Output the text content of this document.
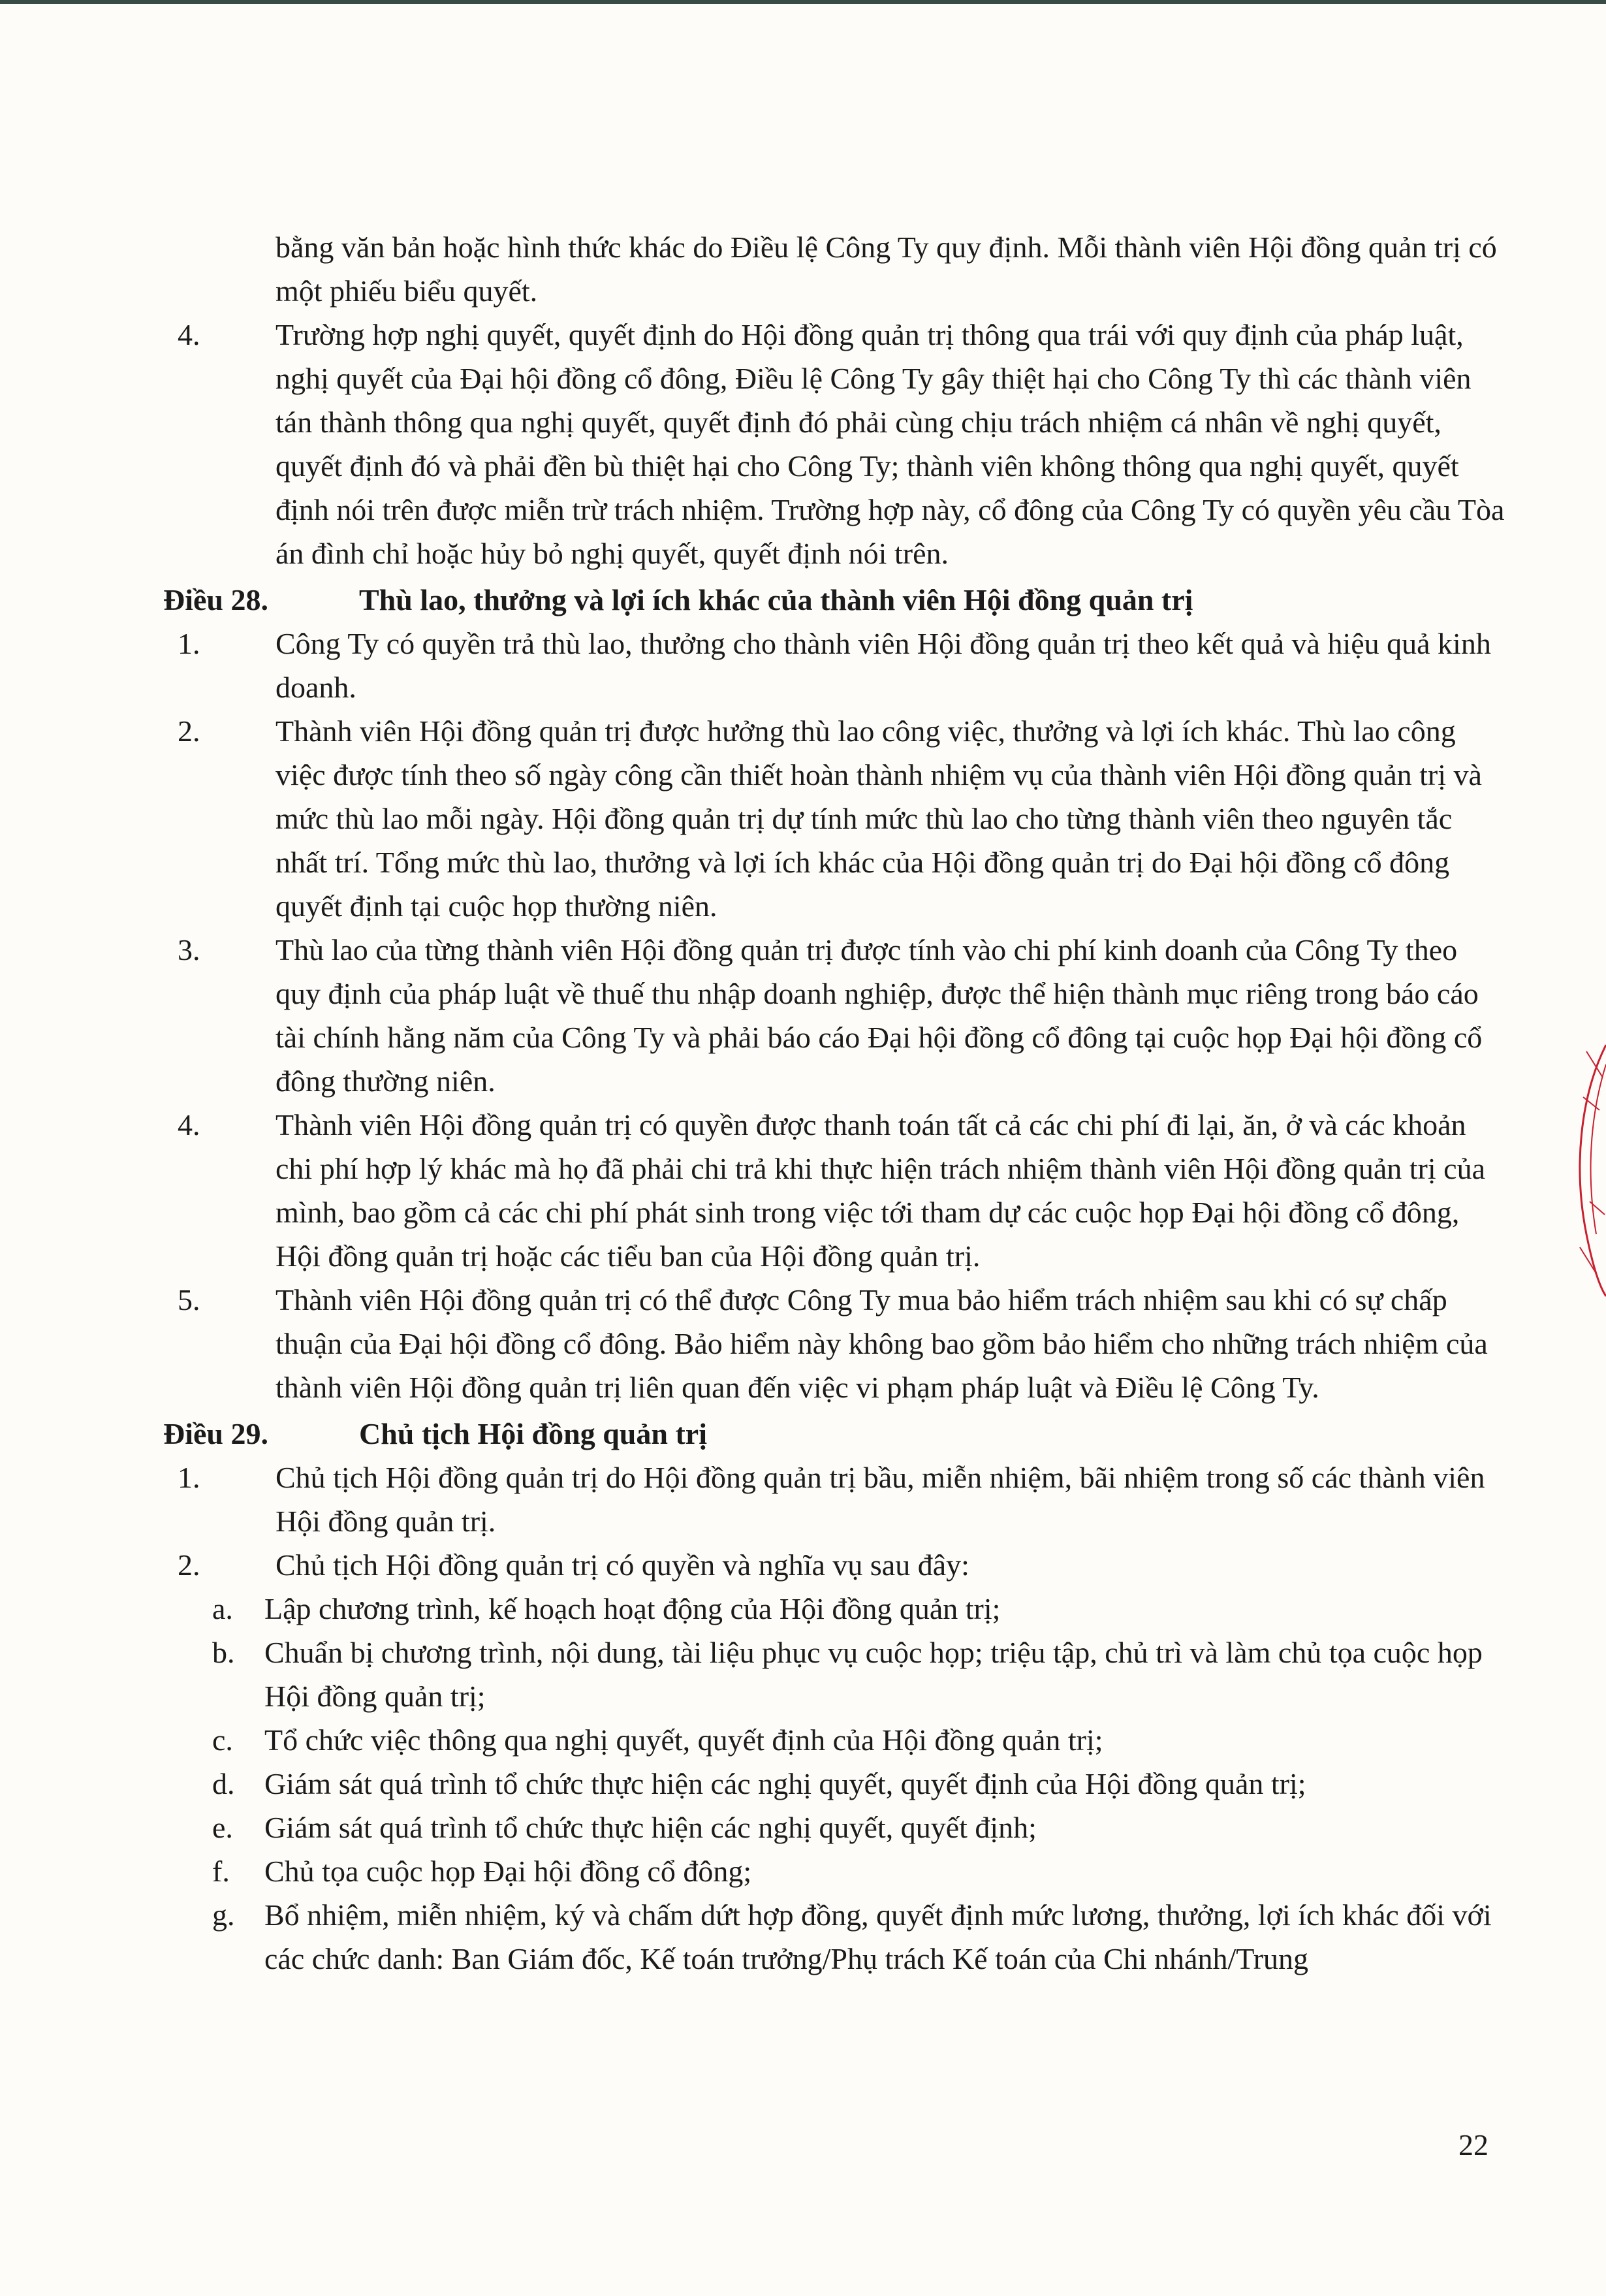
bằng văn bản hoặc hình thức khác do Điều lệ Công Ty quy định. Mỗi thành viên Hội đồng quản trị có một phiếu biểu quyết.
4.	Trường hợp nghị quyết, quyết định do Hội đồng quản trị thông qua trái với quy định của pháp luật, nghị quyết của Đại hội đồng cổ đông, Điều lệ Công Ty gây thiệt hại cho Công Ty thì các thành viên tán thành thông qua nghị quyết, quyết định đó phải cùng chịu trách nhiệm cá nhân về nghị quyết, quyết định đó và phải đền bù thiệt hại cho Công Ty; thành viên không thông qua nghị quyết, quyết định nói trên được miễn trừ trách nhiệm. Trường hợp này, cổ đông của Công Ty có quyền yêu cầu Tòa án đình chỉ hoặc hủy bỏ nghị quyết, quyết định nói trên.
Điều 28.	Thù lao, thưởng và lợi ích khác của thành viên Hội đồng quản trị
1.	Công Ty có quyền trả thù lao, thưởng cho thành viên Hội đồng quản trị theo kết quả và hiệu quả kinh doanh.
2.	Thành viên Hội đồng quản trị được hưởng thù lao công việc, thưởng và lợi ích khác. Thù lao công việc được tính theo số ngày công cần thiết hoàn thành nhiệm vụ của thành viên Hội đồng quản trị và mức thù lao mỗi ngày. Hội đồng quản trị dự tính mức thù lao cho từng thành viên theo nguyên tắc nhất trí. Tổng mức thù lao, thưởng và lợi ích khác của Hội đồng quản trị do Đại hội đồng cổ đông quyết định tại cuộc họp thường niên.
3.	Thù lao của từng thành viên Hội đồng quản trị được tính vào chi phí kinh doanh của Công Ty theo quy định của pháp luật về thuế thu nhập doanh nghiệp, được thể hiện thành mục riêng trong báo cáo tài chính hằng năm của Công Ty và phải báo cáo Đại hội đồng cổ đông tại cuộc họp Đại hội đồng cổ đông thường niên.
4.	Thành viên Hội đồng quản trị có quyền được thanh toán tất cả các chi phí đi lại, ăn, ở và các khoản chi phí hợp lý khác mà họ đã phải chi trả khi thực hiện trách nhiệm thành viên Hội đồng quản trị của mình, bao gồm cả các chi phí phát sinh trong việc tới tham dự các cuộc họp Đại hội đồng cổ đông, Hội đồng quản trị hoặc các tiểu ban của Hội đồng quản trị.
5.	Thành viên Hội đồng quản trị có thể được Công Ty mua bảo hiểm trách nhiệm sau khi có sự chấp thuận của Đại hội đồng cổ đông. Bảo hiểm này không bao gồm bảo hiểm cho những trách nhiệm của thành viên Hội đồng quản trị liên quan đến việc vi phạm pháp luật và Điều lệ Công Ty.
Điều 29.	Chủ tịch Hội đồng quản trị
1.	Chủ tịch Hội đồng quản trị do Hội đồng quản trị bầu, miễn nhiệm, bãi nhiệm trong số các thành viên Hội đồng quản trị.
2.	Chủ tịch Hội đồng quản trị có quyền và nghĩa vụ sau đây:
a. Lập chương trình, kế hoạch hoạt động của Hội đồng quản trị;
b. Chuẩn bị chương trình, nội dung, tài liệu phục vụ cuộc họp; triệu tập, chủ trì và làm chủ tọa cuộc họp Hội đồng quản trị;
c. Tổ chức việc thông qua nghị quyết, quyết định của Hội đồng quản trị;
d. Giám sát quá trình tổ chức thực hiện các nghị quyết, quyết định của Hội đồng quản trị;
e. Giám sát quá trình tổ chức thực hiện các nghị quyết, quyết định;
f. Chủ tọa cuộc họp Đại hội đồng cổ đông;
g. Bổ nhiệm, miễn nhiệm, ký và chấm dứt hợp đồng, quyết định mức lương, thưởng, lợi ích khác đối với các chức danh: Ban Giám đốc, Kế toán trưởng/Phụ trách Kế toán của Chi nhánh/Trung
22
